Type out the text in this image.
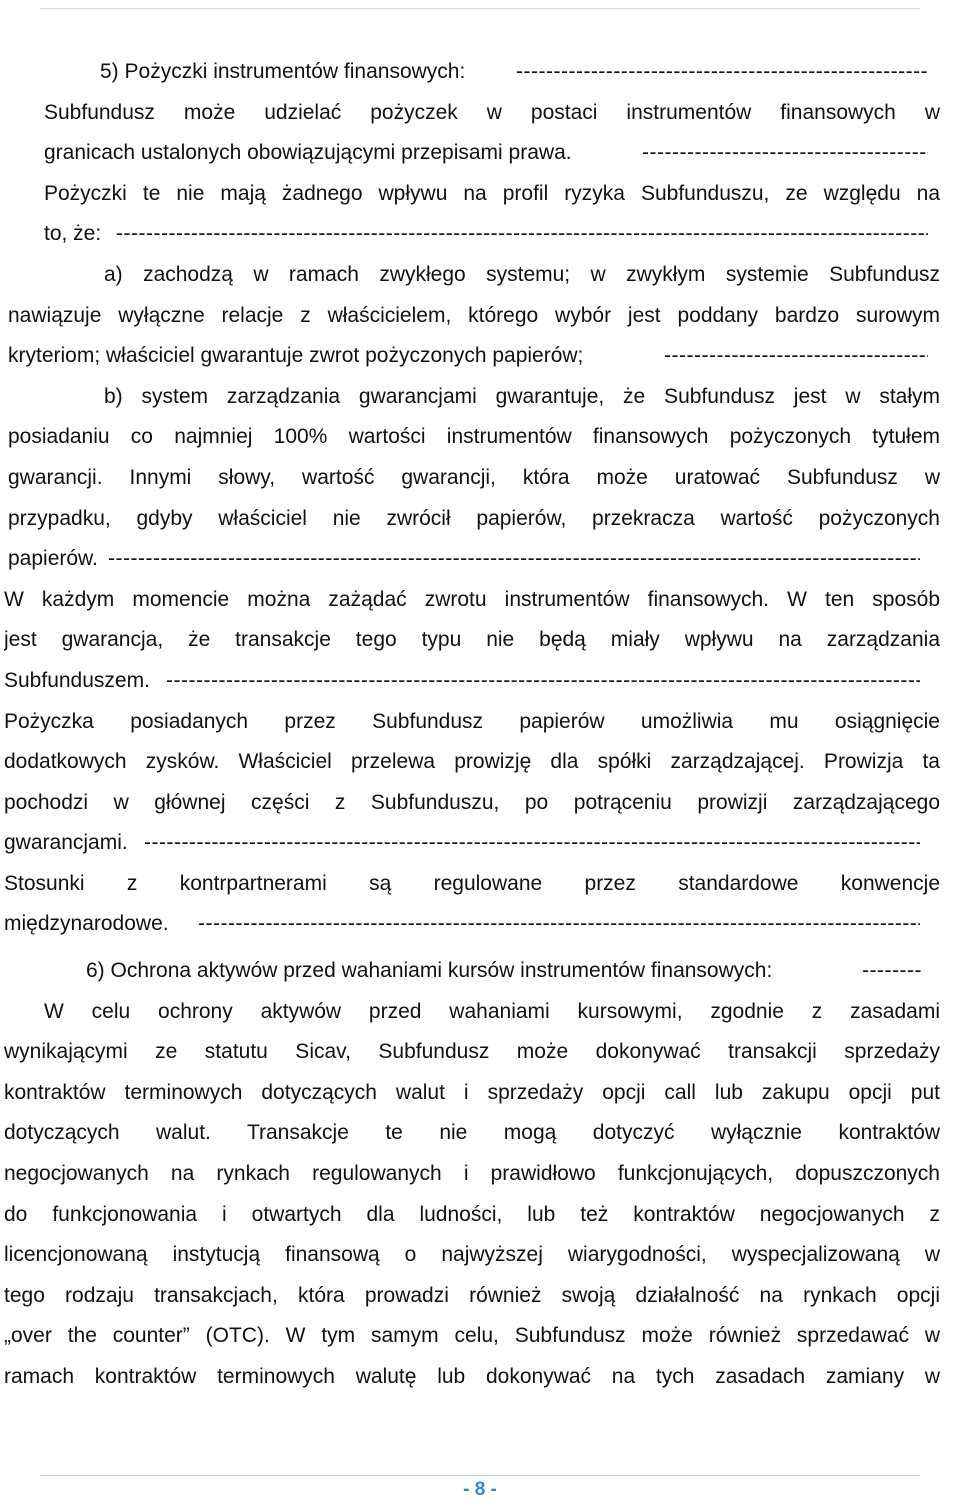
5) Pożyczki instrumentów finansowych:
-----
Subfundusz może udzielać pożyczek w postaci instrumentów finansowych w
granicach ustalonych obowiązującymi przepisami prawa.
-----
Pożyczki te nie mają żadnego wpływu na profil ryzyka Subfunduszu, ze względu na
to, że:
-----
a) zachodzą w ramach zwykłego systemu; w zwykłym systemie Subfundusz
nawiązuje wyłączne relacje z właścicielem, którego wybór jest poddany bardzo surowym
kryteriom; właściciel gwarantuje zwrot pożyczonych papierów;
-----
b) system zarządzania gwarancjami gwarantuje, że Subfundusz jest w stałym
posiadaniu co najmniej 100% wartości instrumentów finansowych pożyczonych tytułem
gwarancji. Innymi słowy, wartość gwarancji, która może uratować Subfundusz w
przypadku, gdyby właściciel nie zwrócił papierów, przekracza wartość pożyczonych
papierów.
-----
W każdym momencie można zażądać zwrotu instrumentów finansowych. W ten sposób
jest gwarancja, że transakcje tego typu nie będą miały wpływu na zarządzania
Subfunduszem.
-----
Pożyczka posiadanych przez Subfundusz papierów umożliwia mu osiągnięcie
dodatkowych zysków. Właściciel przelewa prowizję dla spółki zarządzającej. Prowizja ta
pochodzi w głównej części z Subfunduszu, po potrąceniu prowizji zarządzającego
gwarancjami.
-----
Stosunki z kontrpartnerami są regulowane przez standardowe konwencje
międzynarodowe.
-----
6) Ochrona aktywów przed wahaniami kursów instrumentów finansowych:
-----
W celu ochrony aktywów przed wahaniami kursowymi, zgodnie z zasadami
wynikającymi ze statutu Sicav, Subfundusz może dokonywać transakcji sprzedaży
kontraktów terminowych dotyczących walut i sprzedaży opcji call lub zakupu opcji put
dotyczących walut. Transakcje te nie mogą dotyczyć wyłącznie kontraktów
negocjowanych na rynkach regulowanych i prawidłowo funkcjonujących, dopuszczonych
do funkcjonowania i otwartych dla ludności, lub też kontraktów negocjowanych z
licencjonowaną instytucją finansową o najwyższej wiarygodności, wyspecjalizowaną w
tego rodzaju transakcjach, która prowadzi również swoją działalność na rynkach opcji
„over the counter” (OTC). W tym samym celu, Subfundusz może również sprzedawać w
ramach kontraktów terminowych walutę lub dokonywać na tych zasadach zamiany w
- 8 -
